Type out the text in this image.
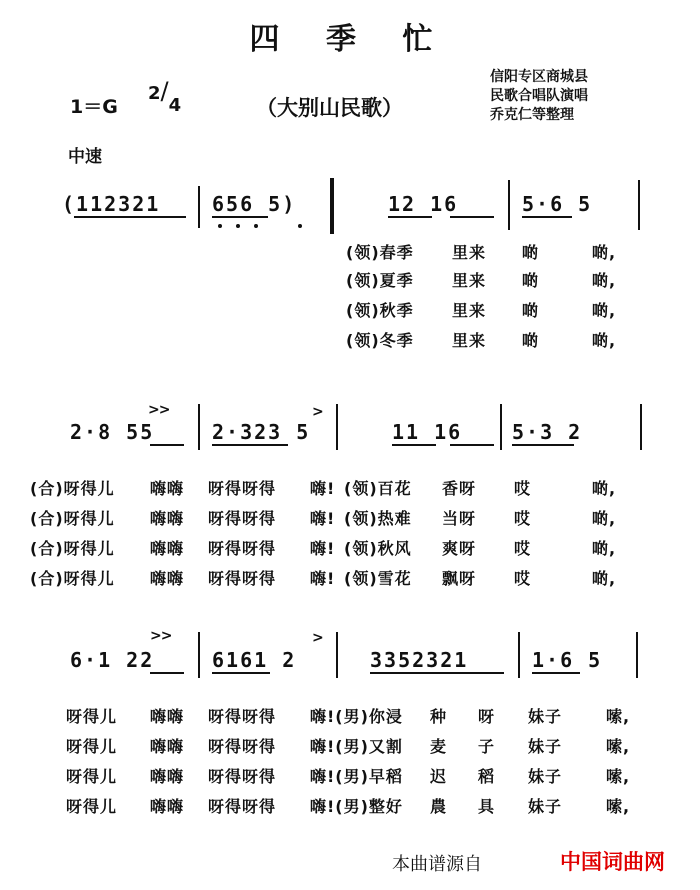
四 季 忙
1＝G
2/4	（大别山民歌）
信阳专区商城县
民歌合唱队演唱
乔克仁等整理
中速
(112321	656 5)	12 16	5·6 5
(领)春季 里来 啲	啲,
(领)夏季 里来 啲	啲,
(领)秋季 里来 啲	啲,
(领)冬季 里来 啲	啲,
>>
2·8 55	2·323 5
>
11 16 5·3 2
(合)呀得儿 嗨嗨 呀得呀得 嗨! (领)百花 香呀 哎	啲,
(合)呀得儿 嗨嗨 呀得呀得 嗨! (领)热难 当呀 哎	啲,
(合)呀得儿 嗨嗨 呀得呀得 嗨! (领)秋风 爽呀 哎	啲,
(合)呀得儿 嗨嗨 呀得呀得 嗨! (领)雪花 飘呀 哎	啲,
>>
6·1 22	6161 2
>
3352321	1·6 5
呀得儿 嗨嗨 呀得呀得 嗨!(男)你浸 种 呀 妹子	嗦,
呀得儿 嗨嗨 呀得呀得 嗨!(男)又割 麦 子 妹子	嗦,
呀得儿 嗨嗨 呀得呀得 嗨!(男)早稻 迟 稻 妹子	嗦,
呀得儿 嗨嗨 呀得呀得 嗨!(男)整好 農 具 妹子	嗦,
本曲谱源自	中国词曲网
